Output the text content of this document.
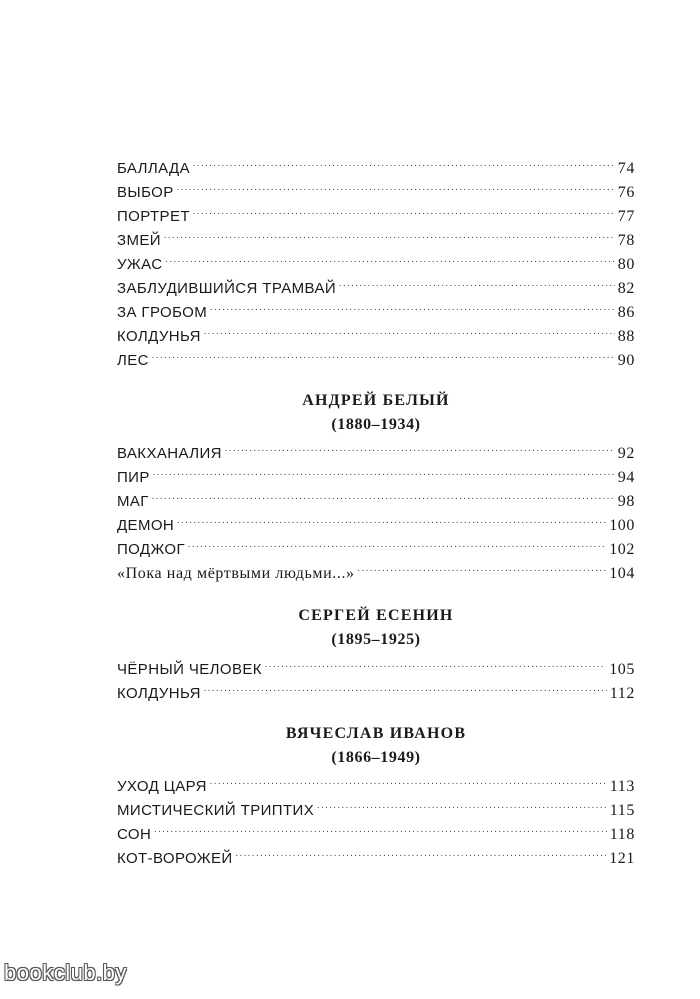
БАЛЛАДА . . .	74
ВЫБОР . . .	76
ПОРТРЕТ . . .	77
ЗМЕЙ . . .	78
УЖАС . . .	80
ЗАБЛУДИВШИЙСЯ ТРАМВАЙ . . .	82
ЗА ГРОБОМ . . .	86
КОЛДУНЬЯ . . .	88
ЛЕС . . .	90
АНДРЕЙ БЕЛЫЙ
(1880–1934)
ВАКХАНАЛИЯ . . .	92
ПИР . . .	94
МАГ . . .	98
ДЕМОН . . .	100
ПОДЖОГ . . .	102
«Пока над мёртвыми людьми...» . . .	104
СЕРГЕЙ ЕСЕНИН
(1895–1925)
ЧЁРНЫЙ ЧЕЛОВЕК . . .	105
КОЛДУНЬЯ . . .	112
ВЯЧЕСЛАВ ИВАНОВ
(1866–1949)
УХОД ЦАРЯ . . .	113
МИСТИЧЕСКИЙ ТРИПТИХ . . .	115
СОН . . .	118
КОТ-ВОРОЖЕЙ . . .	121
bookclub.by
